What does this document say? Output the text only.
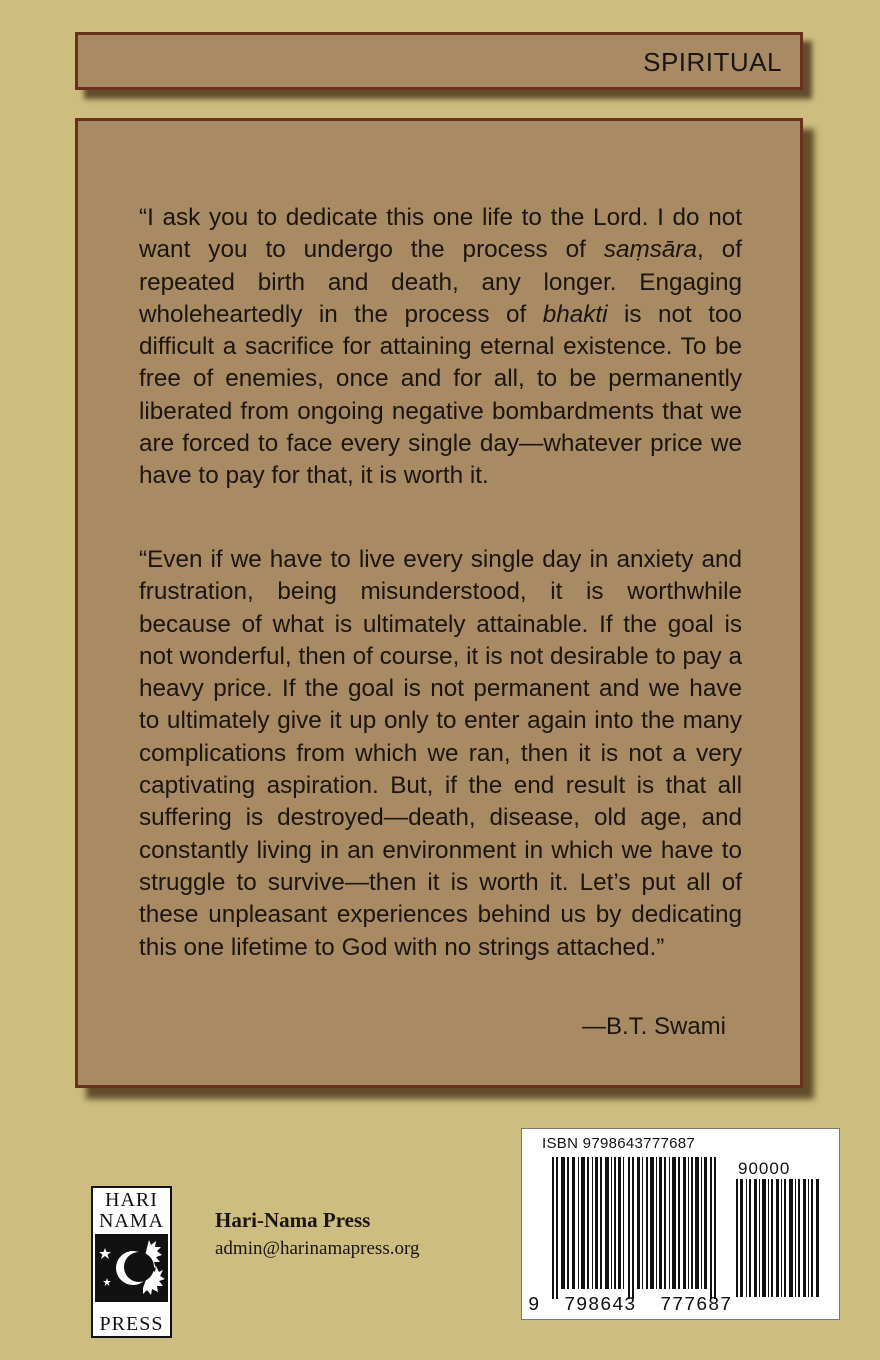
SPIRITUAL

“I ask you to dedicate this one life to the Lord. I do not want you to undergo the process of saṃsāra, of repeated birth and death, any longer. Engaging wholeheartedly in the process of bhakti is not too difficult a sacrifice for attaining eternal existence. To be free of enemies, once and for all, to be permanently liberated from ongoing negative bombardments that we are forced to face every single day—whatever price we have to pay for that, it is worth it.

“Even if we have to live every single day in anxiety and frustration, being misunderstood, it is worthwhile because of what is ultimately attainable. If the goal is not wonderful, then of course, it is not desirable to pay a heavy price. If the goal is not permanent and we have to ultimately give it up only to enter again into the many complications from which we ran, then it is not a very captivating aspiration. But, if the end result is that all suffering is destroyed—death, disease, old age, and constantly living in an environment in which we have to struggle to survive—then it is worth it. Let’s put all of these unpleasant experiences behind us by dedicating this one lifetime to God with no strings attached.”

—B.T. Swami
HARI
NAMA
PRESS
Hari-Nama Press
admin@harinamapress.org
ISBN 9798643777687
90000
9  798643  777687
